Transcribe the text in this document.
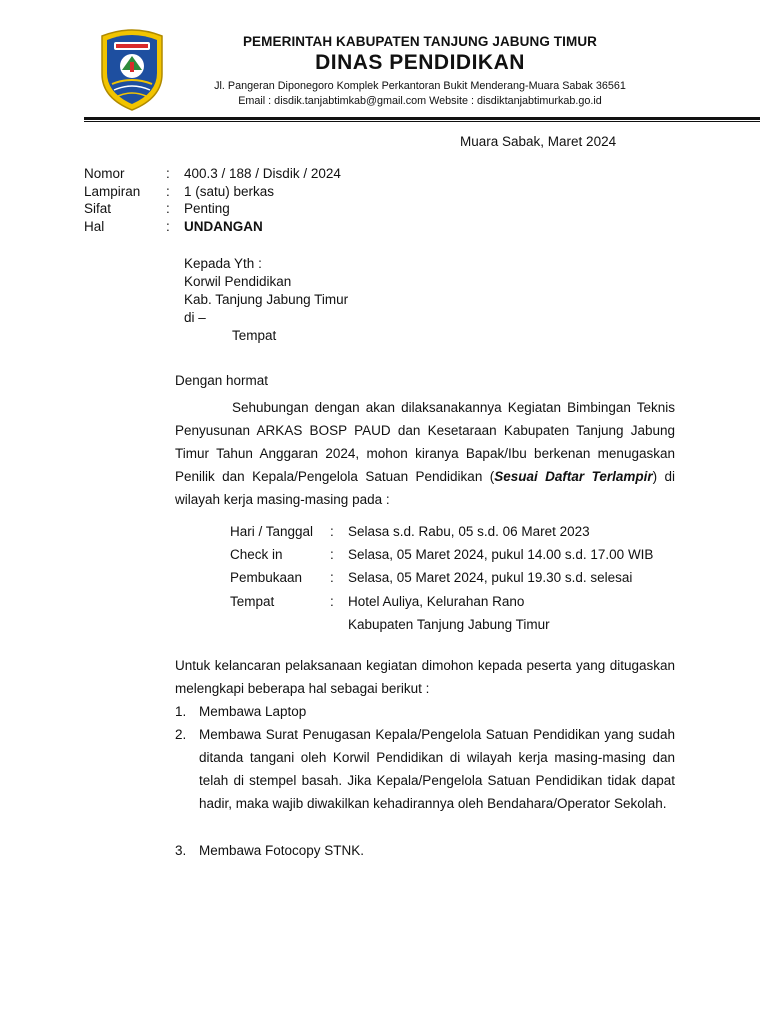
PEMERINTAH KABUPATEN TANJUNG JABUNG TIMUR
DINAS PENDIDIKAN
Jl. Pangeran Diponegoro Komplek Perkantoran Bukit Menderang-Muara Sabak 36561
Email : disdik.tanjabtimkab@gmail.com Website : disdiktanjabtimurkab.go.id
Muara Sabak, Maret 2024
Nomor	: 400.3 / 188 / Disdik / 2024
Lampiran : 1 (satu) berkas
Sifat	: Penting
Hal	: UNDANGAN
Kepada Yth :
Korwil Pendidikan
Kab. Tanjung Jabung Timur
di –
Tempat
Dengan hormat
Sehubungan dengan akan dilaksanakannya Kegiatan Bimbingan Teknis Penyusunan ARKAS BOSP PAUD dan Kesetaraan Kabupaten Tanjung Jabung Timur Tahun Anggaran 2024, mohon kiranya Bapak/Ibu berkenan menugaskan Penilik dan Kepala/Pengelola Satuan Pendidikan (Sesuai Daftar Terlampir) di wilayah kerja masing-masing pada :
Hari / Tanggal : Selasa s.d. Rabu, 05 s.d. 06 Maret 2023
Check in	: Selasa, 05 Maret 2024, pukul 14.00 s.d. 17.00 WIB
Pembukaan : Selasa, 05 Maret 2024, pukul 19.30 s.d. selesai
Tempat	: Hotel Auliya, Kelurahan Rano
Kabupaten Tanjung Jabung Timur
Untuk kelancaran pelaksanaan kegiatan dimohon kepada peserta yang ditugaskan melengkapi beberapa hal sebagai berikut :
1. Membawa Laptop
2. Membawa Surat Penugasan Kepala/Pengelola Satuan Pendidikan yang sudah ditanda tangani oleh Korwil Pendidikan di wilayah kerja masing-masing dan telah di stempel basah. Jika Kepala/Pengelola Satuan Pendidikan tidak dapat hadir, maka wajib diwakilkan kehadirannya oleh Bendahara/Operator Sekolah.
3. Membawa Fotocopy STNK.
